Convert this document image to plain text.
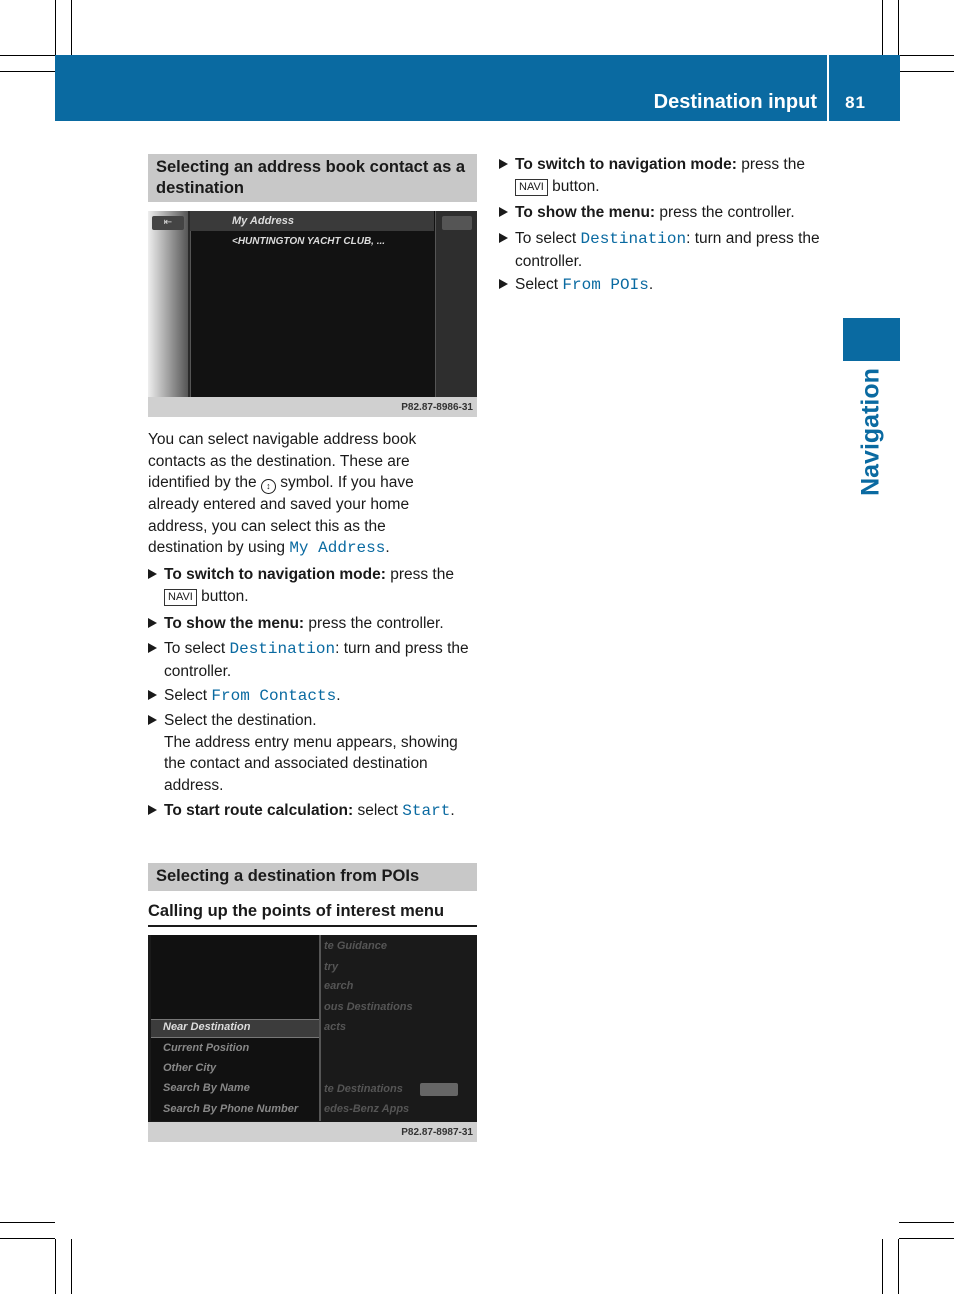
Destination input 81
Navigation
Selecting an address book contact as a destination
⇤	My Address
<HUNTINGTON YACHT CLUB, ...
P82.87-8986-31
You can select navigable address book contacts as the destination. These are identified by the ↕ symbol. If you have already entered and saved your home address, you can select this as the destination by using My Address.
To switch to navigation mode: press the
NAVI button.
To show the menu: press the controller.
To select Destination: turn and press the controller.
Select From Contacts.
Select the destination.
The address entry menu appears, showing the contact and associated destination address.
To start route calculation: select Start.
Selecting a destination from POIs
Calling up the points of interest menu
Near Destination
Current Position
Other City
Search By Name
Search By Phone Number
te Guidance
try
earch
ous Destinations
acts
te Destinations
edes-Benz Apps
P82.87-8987-31
To switch to navigation mode: press the
NAVI button.
To show the menu: press the controller.
To select Destination: turn and press the controller.
Select From POIs.
